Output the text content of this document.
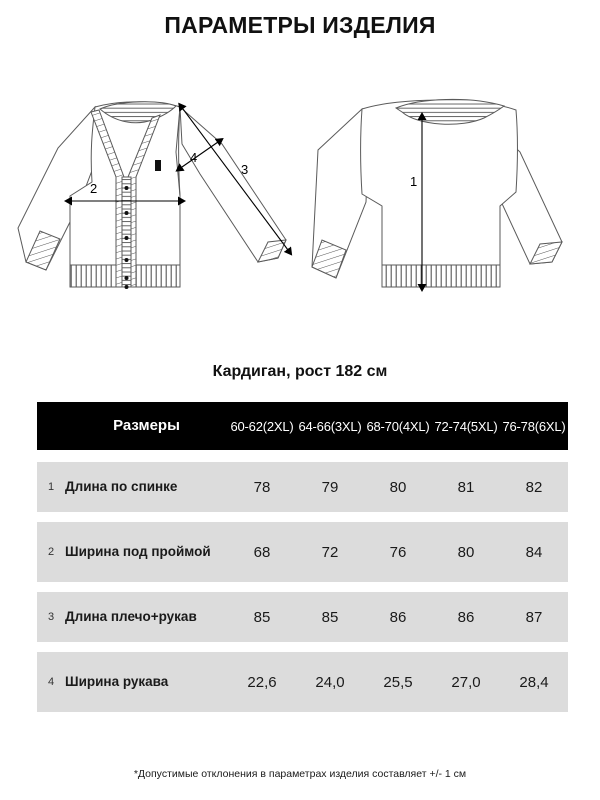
ПАРАМЕТРЫ ИЗДЕЛИЯ
2
3
4
1
Кардиган, рост 182 см
Размеры	60-62(2XL) 64-66(3XL) 68-70(4XL) 72-74(5XL) 76-78(6XL)
1 Длина по спинке	78	79	80	81	82
2 Ширина под проймой	68	72	76	80	84
3 Длина плечо+рукав	85	85	86	86	87
4 Ширина рукава	22,6	24,0	25,5	27,0	28,4
*Допустимые отклонения в параметрах изделия составляет +/- 1 см
